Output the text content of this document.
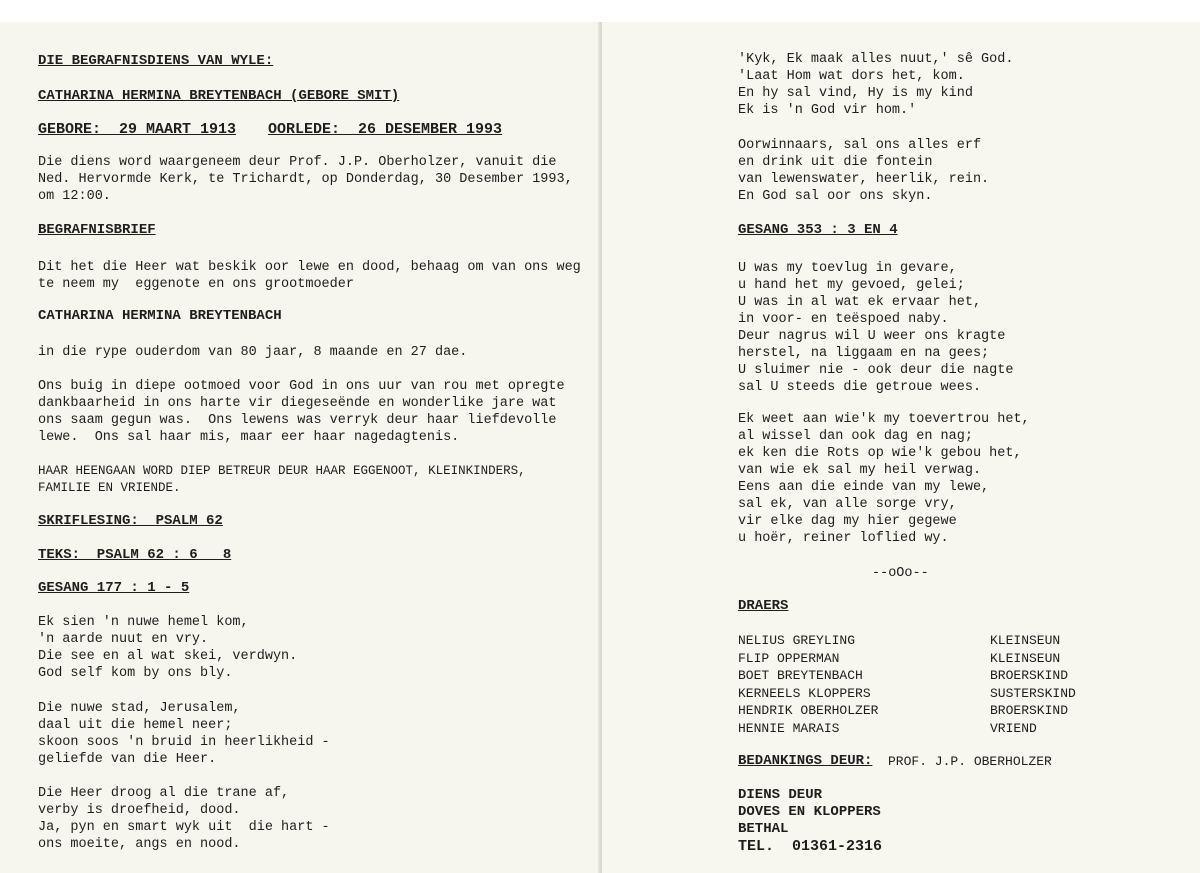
DIE BEGRAFNISDIENS VAN WYLE:
CATHARINA HERMINA BREYTENBACH (GEBORE SMIT)
GEBORE:  29 MAART 1913 OORLEDE:  26 DESEMBER 1993
Die diens word waargeneem deur Prof. J.P. Oberholzer, vanuit die
Ned. Hervormde Kerk, te Trichardt, op Donderdag, 30 Desember 1993,
om 12:00.
BEGRAFNISBRIEF
Dit het die Heer wat beskik oor lewe en dood, behaag om van ons weg
te neem my  eggenote en ons grootmoeder
CATHARINA HERMINA BREYTENBACH
in die rype ouderdom van 80 jaar, 8 maande en 27 dae.
Ons buig in diepe ootmoed voor God in ons uur van rou met opregte
dankbaarheid in ons harte vir diegeseënde en wonderlike jare wat
ons saam gegun was.  Ons lewens was verryk deur haar liefdevolle
lewe.  Ons sal haar mis, maar eer haar nagedagtenis.
HAAR HEENGAAN WORD DIEP BETREUR DEUR HAAR EGGENOOT, KLEINKINDERS,
FAMILIE EN VRIENDE.
SKRIFLESING:  PSALM 62
TEKS:  PSALM 62 : 6   8
GESANG 177 : 1 - 5
Ek sien 'n nuwe hemel kom,
'n aarde nuut en vry.
Die see en al wat skei, verdwyn.
God self kom by ons bly.
Die nuwe stad, Jerusalem,
daal uit die hemel neer;
skoon soos 'n bruid in heerlikheid -
geliefde van die Heer.
Die Heer droog al die trane af,
verby is droefheid, dood.
Ja, pyn en smart wyk uit  die hart -
ons moeite, angs en nood.
'Kyk, Ek maak alles nuut,' sê God.
'Laat Hom wat dors het, kom.
En hy sal vind, Hy is my kind
Ek is 'n God vir hom.'
Oorwinnaars, sal ons alles erf
en drink uit die fontein
van lewenswater, heerlik, rein.
En God sal oor ons skyn.
GESANG 353 : 3 EN 4
U was my toevlug in gevare,
u hand het my gevoed, gelei;
U was in al wat ek ervaar het,
in voor- en teëspoed naby.
Deur nagrus wil U weer ons kragte
herstel, na liggaam en na gees;
U sluimer nie - ook deur die nagte
sal U steeds die getroue wees.
Ek weet aan wie'k my toevertrou het,
al wissel dan ook dag en nag;
ek ken die Rots op wie'k gebou het,
van wie ek sal my heil verwag.
Eens aan die einde van my lewe,
sal ek, van alle sorge vry,
vir elke dag my hier gegewe
u hoër, reiner loflied wy.
--oOo--
DRAERS
NELIUS GREYLING
FLIP OPPERMAN
BOET BREYTENBACH
KERNEELS KLOPPERS
HENDRIK OBERHOLZER
HENNIE MARAIS
KLEINSEUN
KLEINSEUN
BROERSKIND
SUSTERSKIND
BROERSKIND
VRIEND
BEDANKINGS DEUR: PROF. J.P. OBERHOLZER
DIENS DEUR
DOVES EN KLOPPERS
BETHAL
TEL.  01361-2316
